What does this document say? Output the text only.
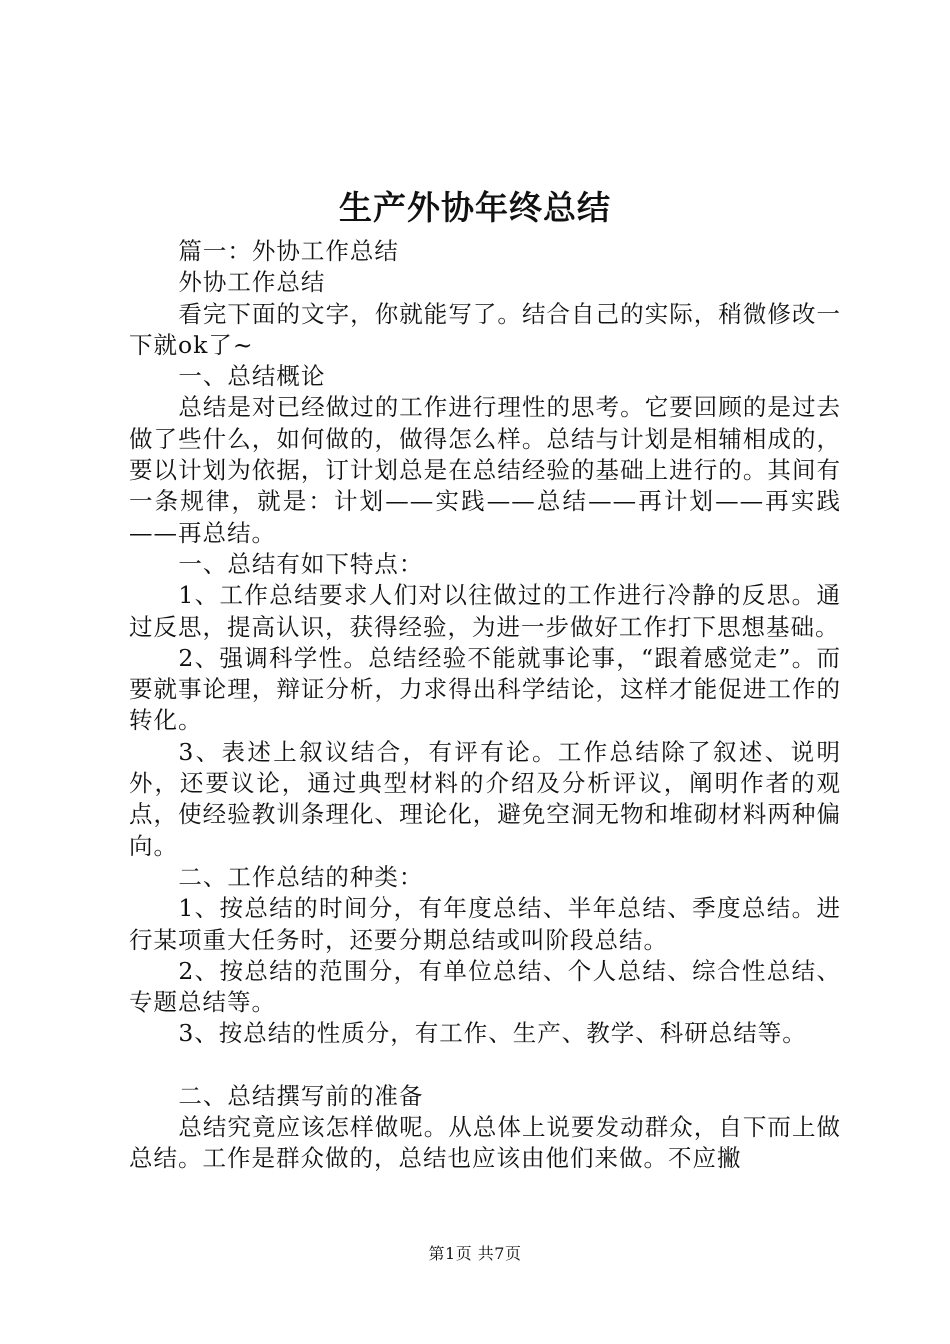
生产外协年终总结

篇一：外协工作总结

外协工作总结

看完下面的文字，你就能写了。结合自己的实际，稍微修改一下就ok了~

一、总结概论

总结是对已经做过的工作进行理性的思考。它要回顾的是过去做了些什么，如何做的，做得怎么样。总结与计划是相辅相成的，要以计划为依据，订计划总是在总结经验的基础上进行的。其间有一条规律，就是：计划——实践——总结——再计划——再实践——再总结。

一、总结有如下特点：

1、工作总结要求人们对以往做过的工作进行冷静的反思。通过反思，提高认识，获得经验，为进一步做好工作打下思想基础。

2、强调科学性。总结经验不能就事论事，“跟着感觉走”。而要就事论理，辩证分析，力求得出科学结论，这样才能促进工作的转化。

3、表述上叙议结合，有评有论。工作总结除了叙述、说明外，还要议论，通过典型材料的介绍及分析评议，阐明作者的观点，使经验教训条理化、理论化，避免空洞无物和堆砌材料两种偏向。

二、工作总结的种类：

1、按总结的时间分，有年度总结、半年总结、季度总结。进行某项重大任务时，还要分期总结或叫阶段总结。

2、按总结的范围分，有单位总结、个人总结、综合性总结、专题总结等。

3、按总结的性质分，有工作、生产、教学、科研总结等。

二、总结撰写前的准备

总结究竟应该怎样做呢。从总体上说要发动群众，自下而上做总结。工作是群众做的，总结也应该由他们来做。不应撇

第1页 共7页
